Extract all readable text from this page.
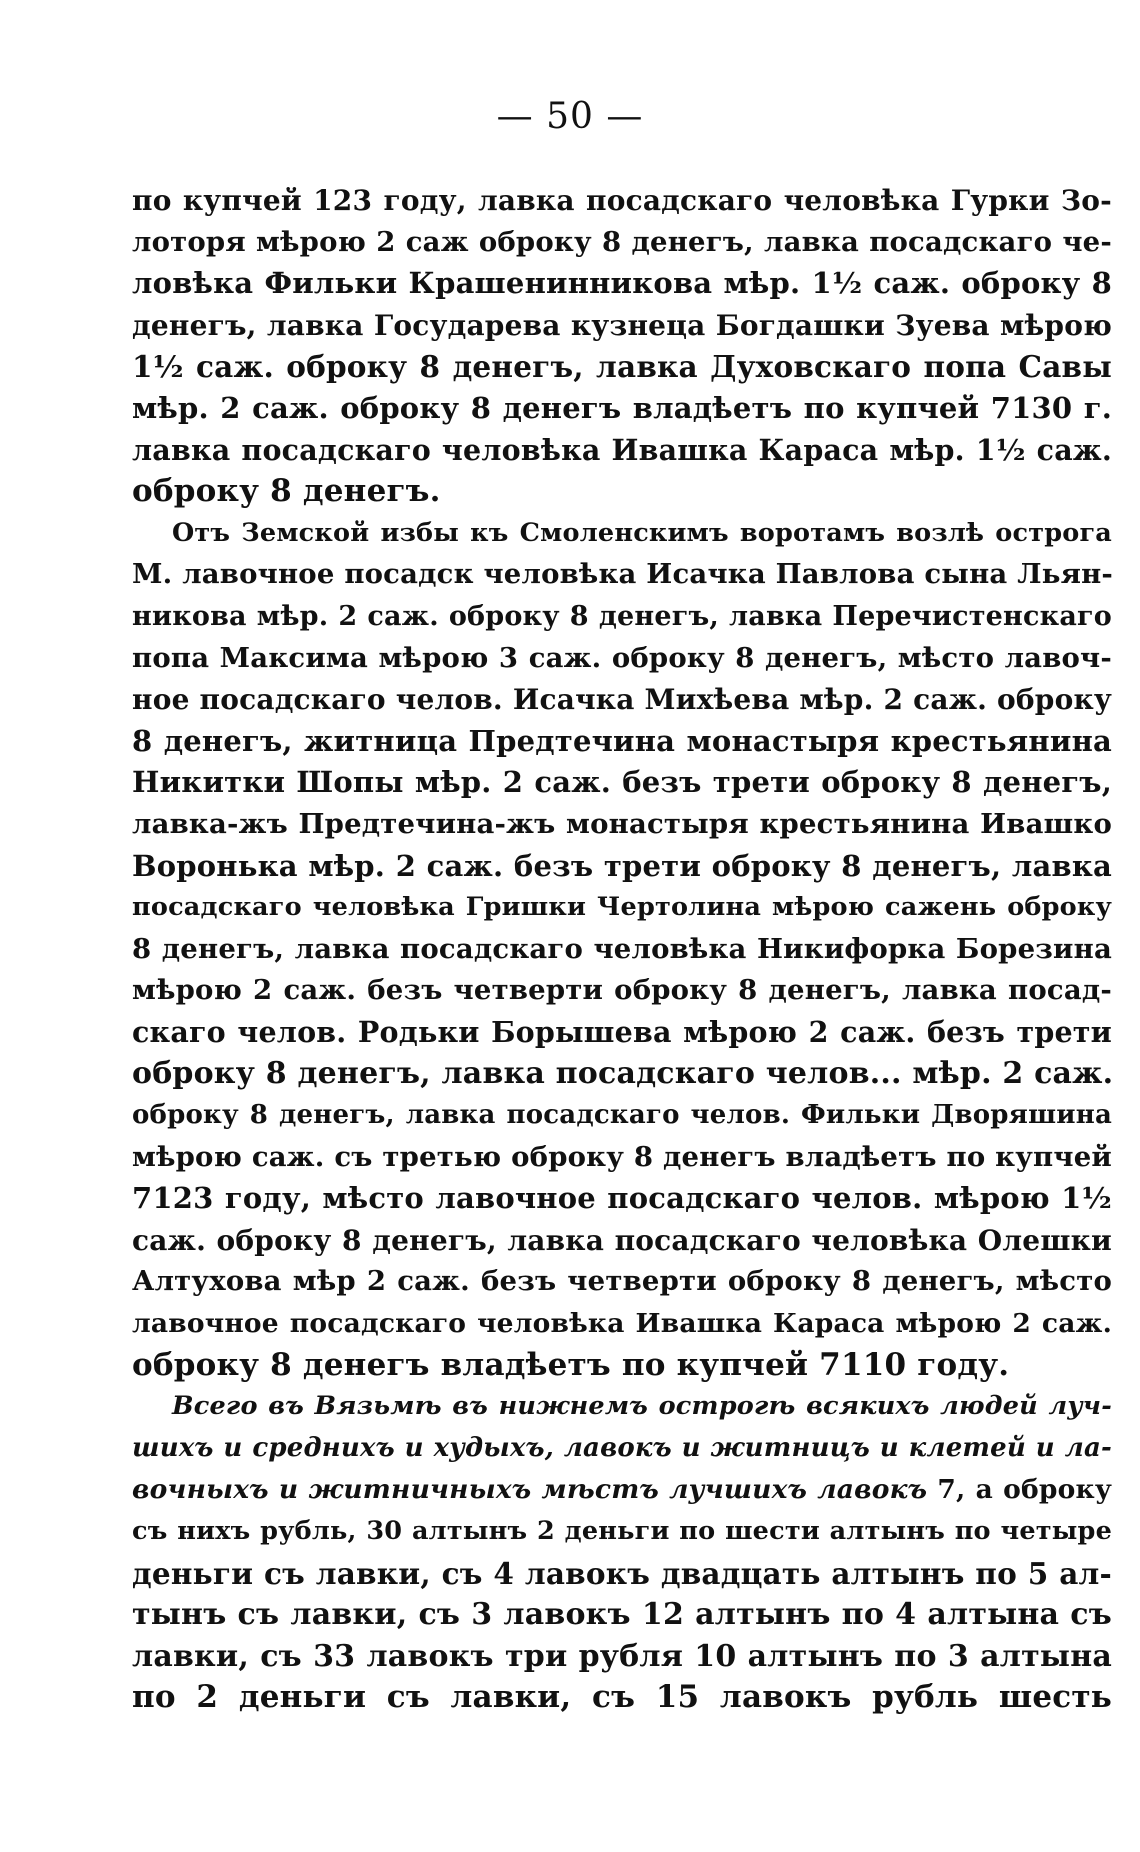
— 50 —
по купчей 123 году, лавка посадскаго человѣка Гурки Зо-
лоторя мѣрою 2 саж оброку 8 денегъ, лавка посадскаго че-
ловѣка Фильки Крашенинникова мѣр. 1½ саж. оброку 8
денегъ, лавка Государева кузнеца Богдашки Зуева мѣрою
1½ саж. оброку 8 денегъ, лавка Духовскаго попа Савы
мѣр. 2 саж. оброку 8 денегъ владѣетъ по купчей 7130 г.
лавка посадскаго человѣка Ивашка Караса мѣр. 1½ саж.
оброку 8 денегъ.
Отъ Земской избы къ Смоленскимъ воротамъ возлѣ острога
М. лавочное посадск человѣка Исачка Павлова сына Льян-
никова мѣр. 2 саж. оброку 8 денегъ, лавка Перечистенскаго
попа Максима мѣрою 3 саж. оброку 8 денегъ, мѣсто лавоч-
ное посадскаго челов. Исачка Михѣева мѣр. 2 саж. оброку
8 денегъ, житница Предтечина монастыря крестьянина
Никитки Шопы мѣр. 2 саж. безъ трети оброку 8 денегъ,
лавка-жъ Предтечина-жъ монастыря крестьянина Ивашко
Воронька мѣр. 2 саж. безъ трети оброку 8 денегъ, лавка
посадскаго человѣка Гришки Чертолина мѣрою сажень оброку
8 денегъ, лавка посадскаго человѣка Никифорка Борезина
мѣрою 2 саж. безъ четверти оброку 8 денегъ, лавка посад-
скаго челов. Родьки Борышева мѣрою 2 саж. безъ трети
оброку 8 денегъ, лавка посадскаго челов... мѣр. 2 саж.
оброку 8 денегъ, лавка посадскаго челов. Фильки Дворяшина
мѣрою саж. съ третью оброку 8 денегъ владѣетъ по купчей
7123 году, мѣсто лавочное посадскаго челов. мѣрою 1½
саж. оброку 8 денегъ, лавка посадскаго человѣка Олешки
Алтухова мѣр 2 саж. безъ четверти оброку 8 денегъ, мѣсто
лавочное посадскаго человѣка Ивашка Караса мѣрою 2 саж.
оброку 8 денегъ владѣетъ по купчей 7110 году.
Всего въ Вязьмѣ въ нижнемъ острогѣ всякихъ людей луч-
шихъ и среднихъ и худыхъ, лавокъ и житницъ и клетей и ла-
вочныхъ и житничныхъ мѣстъ лучшихъ лавокъ 7, а оброку
съ нихъ рубль, 30 алтынъ 2 деньги по шести алтынъ по четыре
деньги съ лавки, съ 4 лавокъ двадцать алтынъ по 5 ал-
тынъ съ лавки, съ 3 лавокъ 12 алтынъ по 4 алтына съ
лавки, съ 33 лавокъ три рубля 10 алтынъ по 3 алтына
по 2 деньги съ лавки, съ 15 лавокъ рубль шесть
